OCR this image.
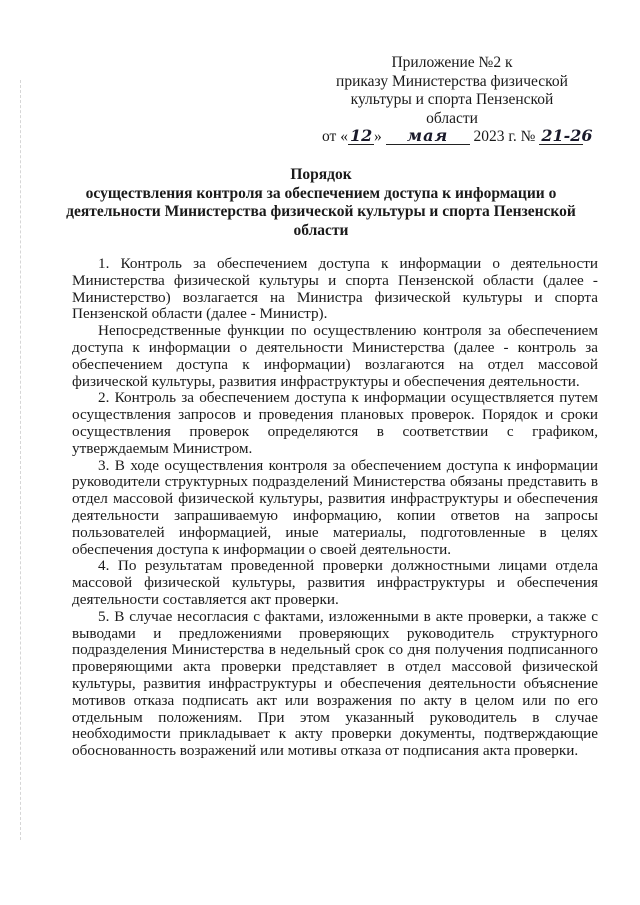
Приложение №2 к
приказу Министерства физической
культуры и спорта Пензенской
области
от « 12 » мая 2023 г. № 21-26
Порядок
осуществления контроля за обеспечением доступа к информации о
деятельности Министерства физической культуры и спорта Пензенской
области

1. Контроль за обеспечением доступа к информации о деятельности Министерства физической культуры и спорта Пензенской области (далее - Министерство) возлагается на Министра физической культуры и спорта Пензенской области (далее - Министр).

Непосредственные функции по осуществлению контроля за обеспечением доступа к информации о деятельности Министерства (далее - контроль за обеспечением доступа к информации) возлагаются на отдел массовой физической культуры, развития инфраструктуры и обеспечения деятельности.

2. Контроль за обеспечением доступа к информации осуществляется путем осуществления запросов и проведения плановых проверок. Порядок и сроки осуществления проверок определяются в соответствии с графиком, утверждаемым Министром.

3. В ходе осуществления контроля за обеспечением доступа к информации руководители структурных подразделений Министерства обязаны представить в отдел массовой физической культуры, развития инфраструктуры и обеспечения деятельности запрашиваемую информацию, копии ответов на запросы пользователей информацией, иные материалы, подготовленные в целях обеспечения доступа к информации о своей деятельности.

4. По результатам проведенной проверки должностными лицами отдела массовой физической культуры, развития инфраструктуры и обеспечения деятельности составляется акт проверки.

5. В случае несогласия с фактами, изложенными в акте проверки, а также с выводами и предложениями проверяющих руководитель структурного подразделения Министерства в недельный срок со дня получения подписанного проверяющими акта проверки представляет в отдел массовой физической культуры, развития инфраструктуры и обеспечения деятельности объяснение мотивов отказа подписать акт или возражения по акту в целом или по его отдельным положениям. При этом указанный руководитель в случае необходимости прикладывает к акту проверки документы, подтверждающие обоснованность возражений или мотивы отказа от подписания акта проверки.
